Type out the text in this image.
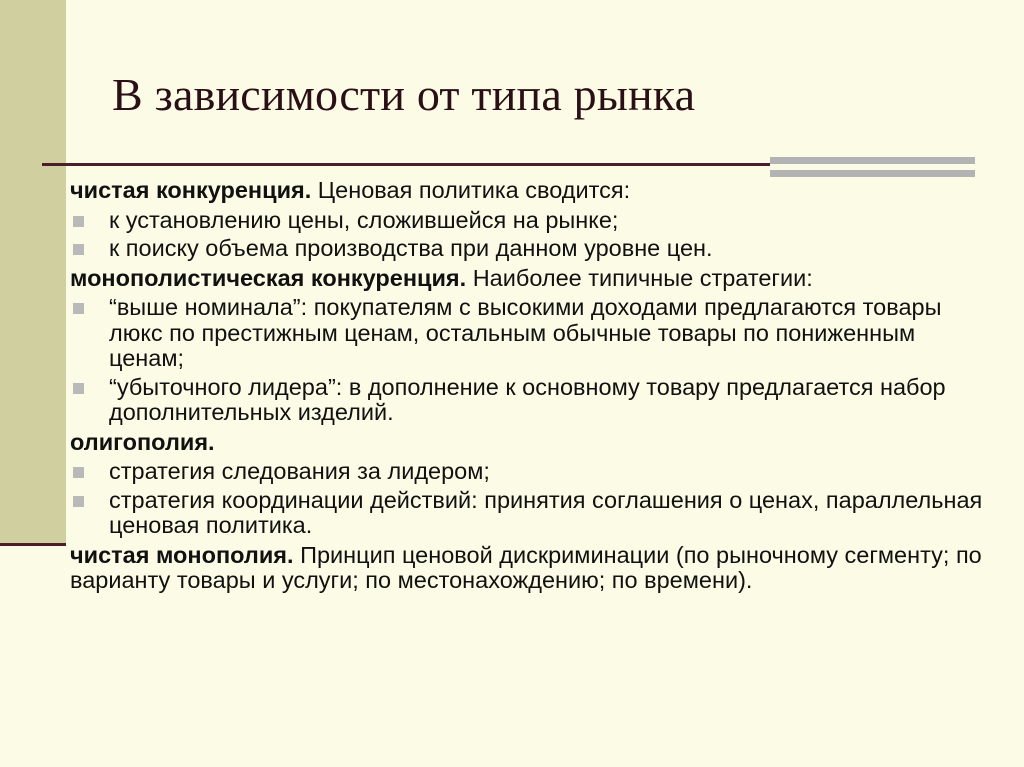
В зависимости от типа рынка

чистая конкуренция. Ценовая политика сводится:

к установлению цены, сложившейся на рынке;
к поиску объема производства при данном уровне цен.

монополистическая конкуренция. Наиболее типичные стратегии:

“выше номинала”: покупателям с высокими доходами предлагаются товары люкс по престижным ценам, остальным обычные товары по пониженным ценам;
“убыточного лидера”: в дополнение к основному товару предлагается набор дополнительных изделий.

олигополия.

стратегия следования за лидером;
стратегия координации действий: принятия соглашения о ценах, параллельная ценовая политика.

чистая монополия. Принцип ценовой дискриминации (по рыночному сегменту; по варианту товары и услуги; по местонахождению; по времени).
